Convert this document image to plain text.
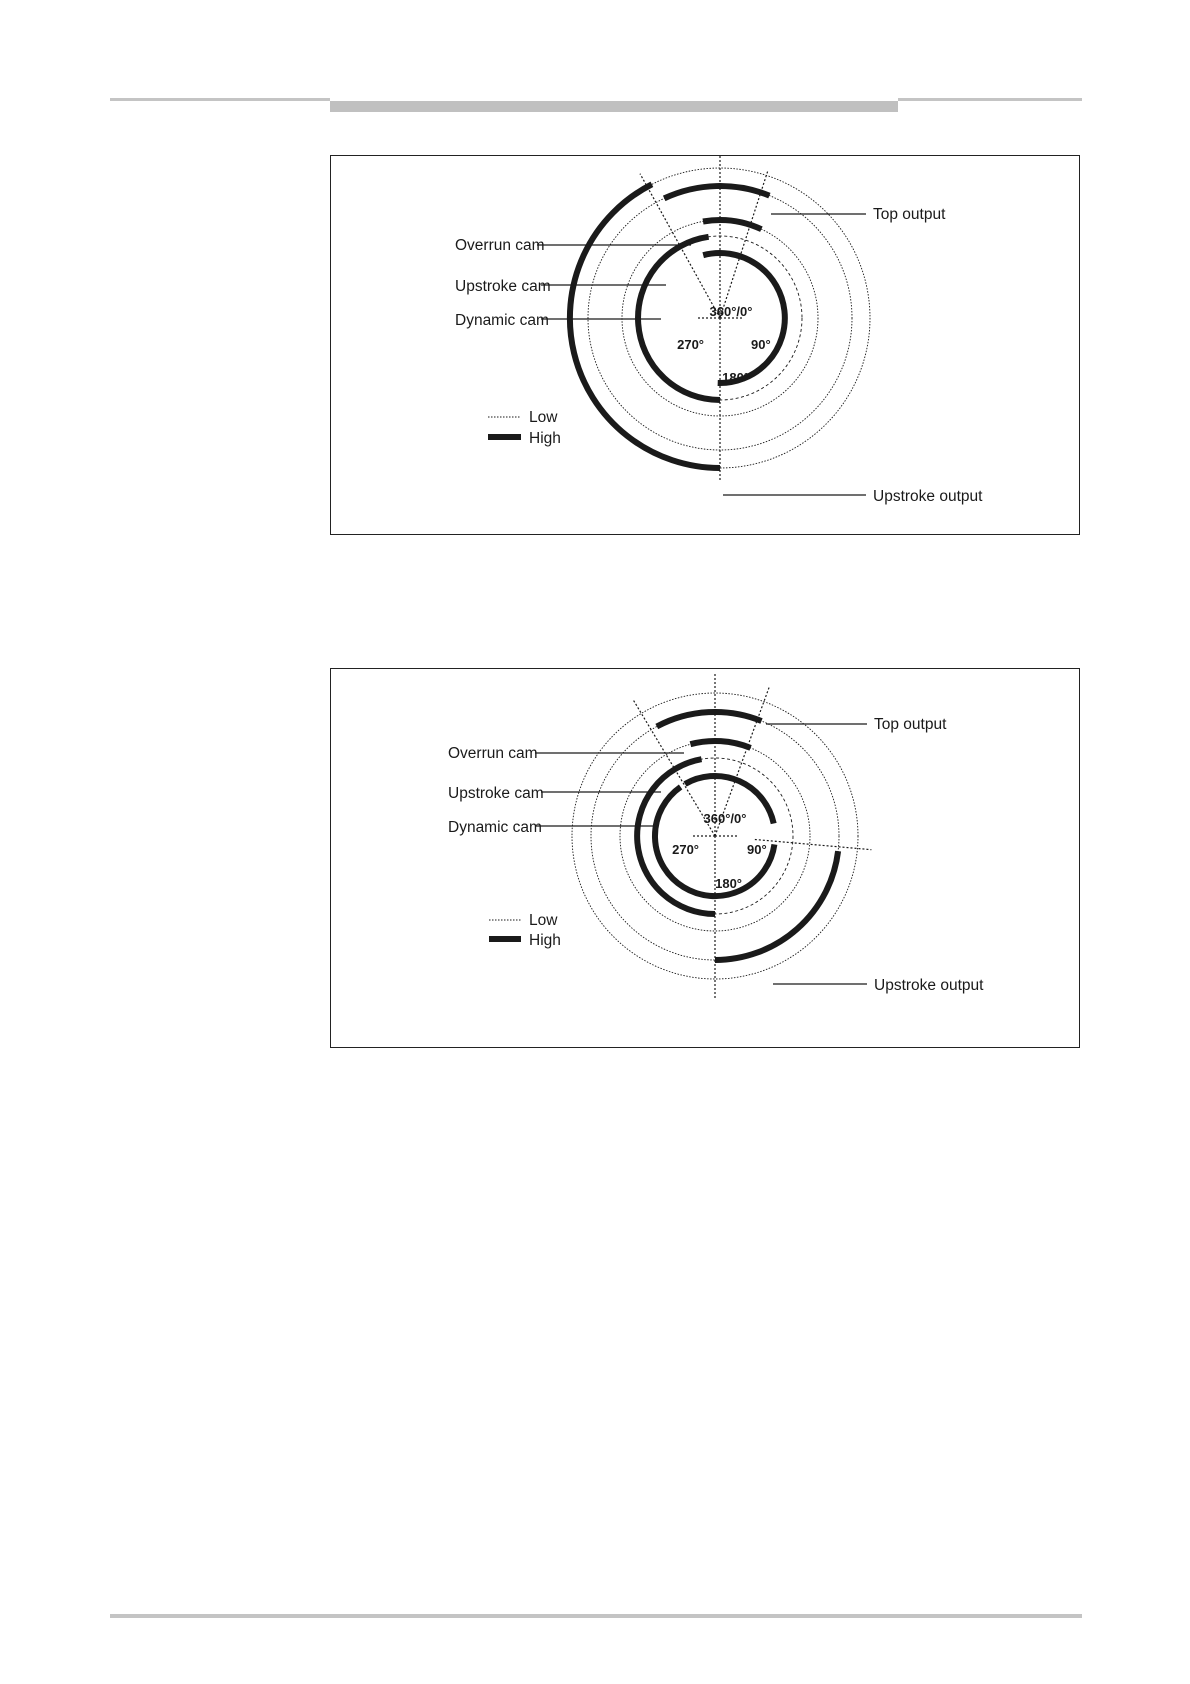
Overrun cam
Upstroke cam
Dynamic cam
Top output
Upstroke output
360°/0°
270°	90°
180°
Low
High
Overrun cam
Upstroke cam
Dynamic cam
Top output
Upstroke output
360°/0°
270°	90°
180°
Low
High
